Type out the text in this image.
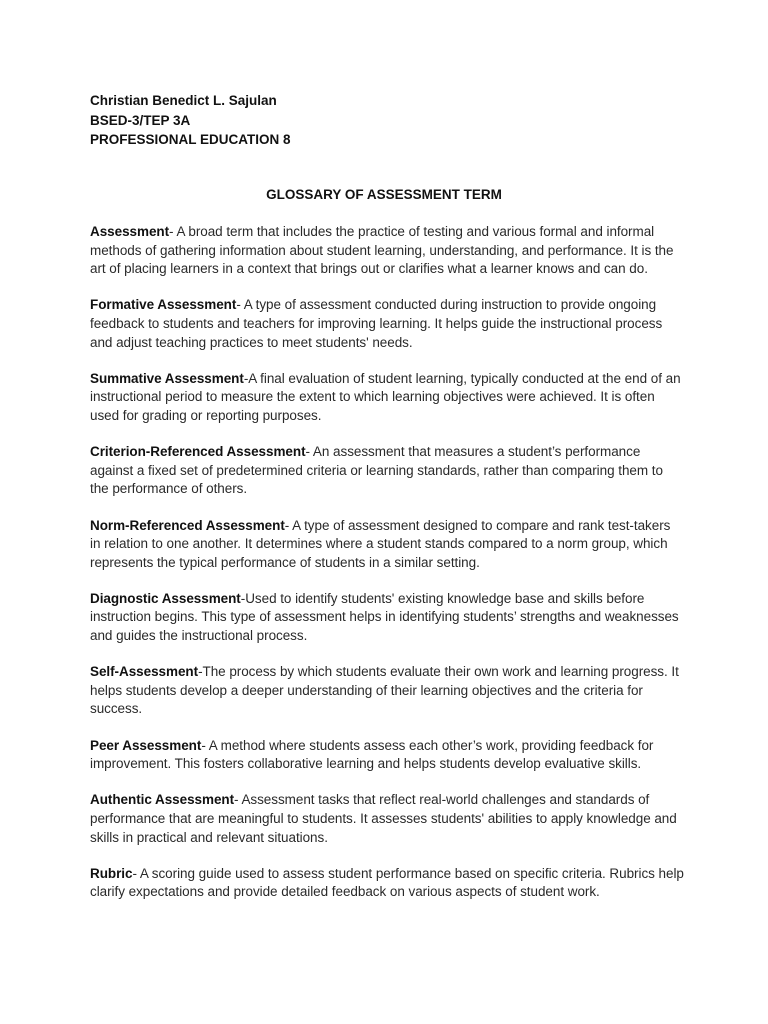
Christian Benedict L. Sajulan
BSED-3/TEP 3A
PROFESSIONAL EDUCATION 8
GLOSSARY OF ASSESSMENT TERM

Assessment- A broad term that includes the practice of testing and various formal and informal methods of gathering information about student learning, understanding, and performance. It is the art of placing learners in a context that brings out or clarifies what a learner knows and can do.

Formative Assessment- A type of assessment conducted during instruction to provide ongoing feedback to students and teachers for improving learning. It helps guide the instructional process and adjust teaching practices to meet students' needs.

Summative Assessment-A final evaluation of student learning, typically conducted at the end of an instructional period to measure the extent to which learning objectives were achieved. It is often used for grading or reporting purposes.

Criterion-Referenced Assessment- An assessment that measures a student’s performance against a fixed set of predetermined criteria or learning standards, rather than comparing them to the performance of others.

Norm-Referenced Assessment- A type of assessment designed to compare and rank test-takers in relation to one another. It determines where a student stands compared to a norm group, which represents the typical performance of students in a similar setting.

Diagnostic Assessment-Used to identify students' existing knowledge base and skills before instruction begins. This type of assessment helps in identifying students’ strengths and weaknesses and guides the instructional process.

Self-Assessment-The process by which students evaluate their own work and learning progress. It helps students develop a deeper understanding of their learning objectives and the criteria for success.

Peer Assessment- A method where students assess each other’s work, providing feedback for improvement. This fosters collaborative learning and helps students develop evaluative skills.

Authentic Assessment- Assessment tasks that reflect real-world challenges and standards of performance that are meaningful to students. It assesses students' abilities to apply knowledge and skills in practical and relevant situations.

Rubric- A scoring guide used to assess student performance based on specific criteria. Rubrics help clarify expectations and provide detailed feedback on various aspects of student work.
